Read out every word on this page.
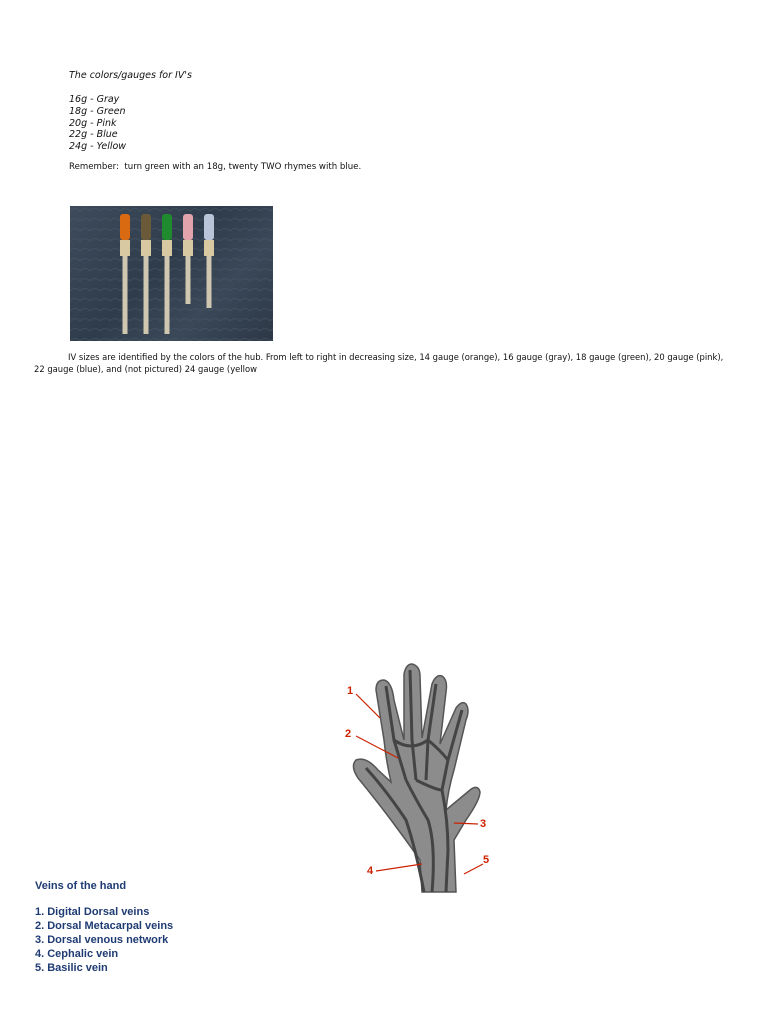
The colors/gauges for IV's
16g - Gray
18g - Green
20g - Pink
22g - Blue
24g - Yellow
Remember:  turn green with an 18g, twenty TWO rhymes with blue.
IV sizes are identified by the colors of the hub. From left to right in decreasing size, 14 gauge (orange), 16 gauge (gray), 18 gauge (green), 20 gauge (pink), 22 gauge (blue), and (not pictured) 24 gauge (yellow
1
2
3
4
5
Veins of the hand
1. Digital Dorsal veins
2. Dorsal Metacarpal veins
3. Dorsal venous network
4. Cephalic vein
5. Basilic vein
